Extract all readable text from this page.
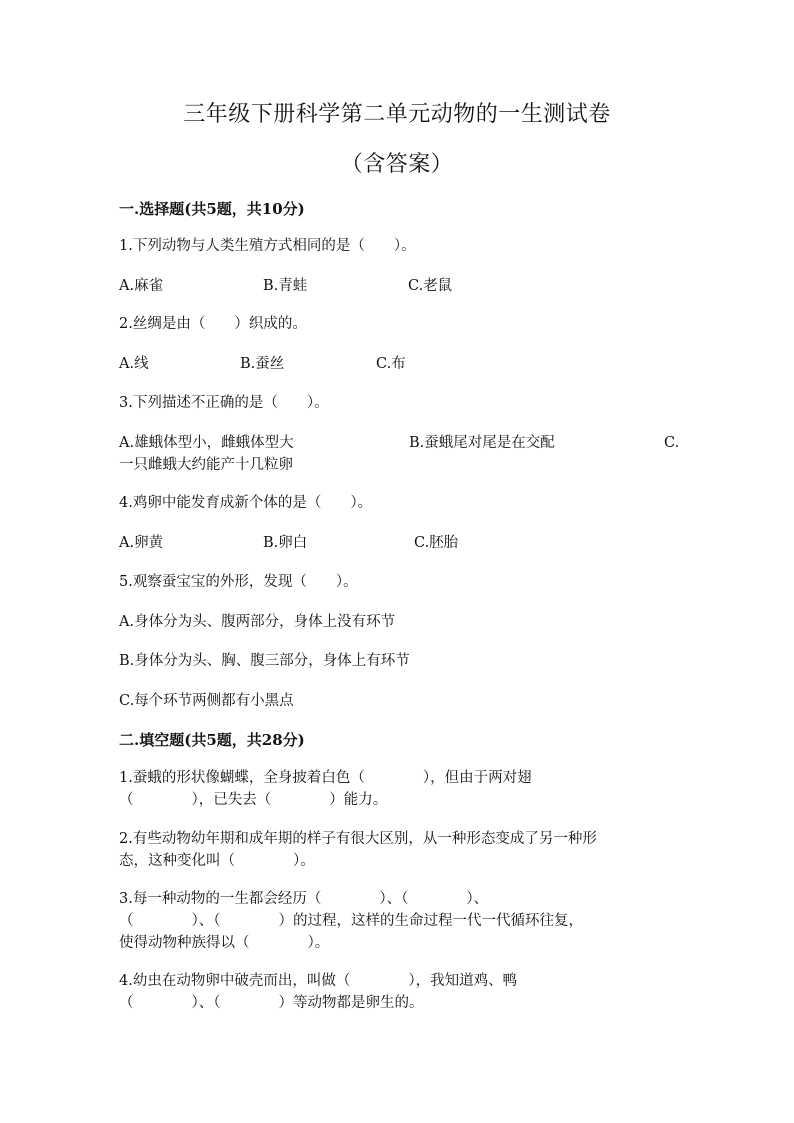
三年级下册科学第二单元动物的一生测试卷
（含答案）
一.选择题(共5题，共10分)
1.下列动物与人类生殖方式相同的是（　　）。
A.麻雀	B.青蛙	C.老鼠
2.丝绸是由（　　）织成的。
A.线	B.蚕丝	C.布
3.下列描述不正确的是（　　）。
A.雄蛾体型小，雌蛾体型大	B.蚕蛾尾对尾是在交配	C.
一只雌蛾大约能产十几粒卵
4.鸡卵中能发育成新个体的是（　　）。
A.卵黄	B.卵白	C.胚胎
5.观察蚕宝宝的外形，发现（　　）。
A.身体分为头、腹两部分，身体上没有环节
B.身体分为头、胸、腹三部分，身体上有环节
C.每个环节两侧都有小黑点
二.填空题(共5题，共28分)
1.蚕蛾的形状像蝴蝶，全身披着白色（　　　　），但由于两对翅
（　　　　），已失去（　　　　）能力。
2.有些动物幼年期和成年期的样子有很大区别，从一种形态变成了另一种形
态，这种变化叫（　　　　）。
3.每一种动物的一生都会经历（　　　　）、（　　　　）、
（　　　　）、（　　　　）的过程，这样的生命过程一代一代循环往复，
使得动物种族得以（　　　　）。
4.幼虫在动物卵中破壳而出，叫做（　　　　），我知道鸡、鸭
（　　　　）、（　　　　）等动物都是卵生的。
